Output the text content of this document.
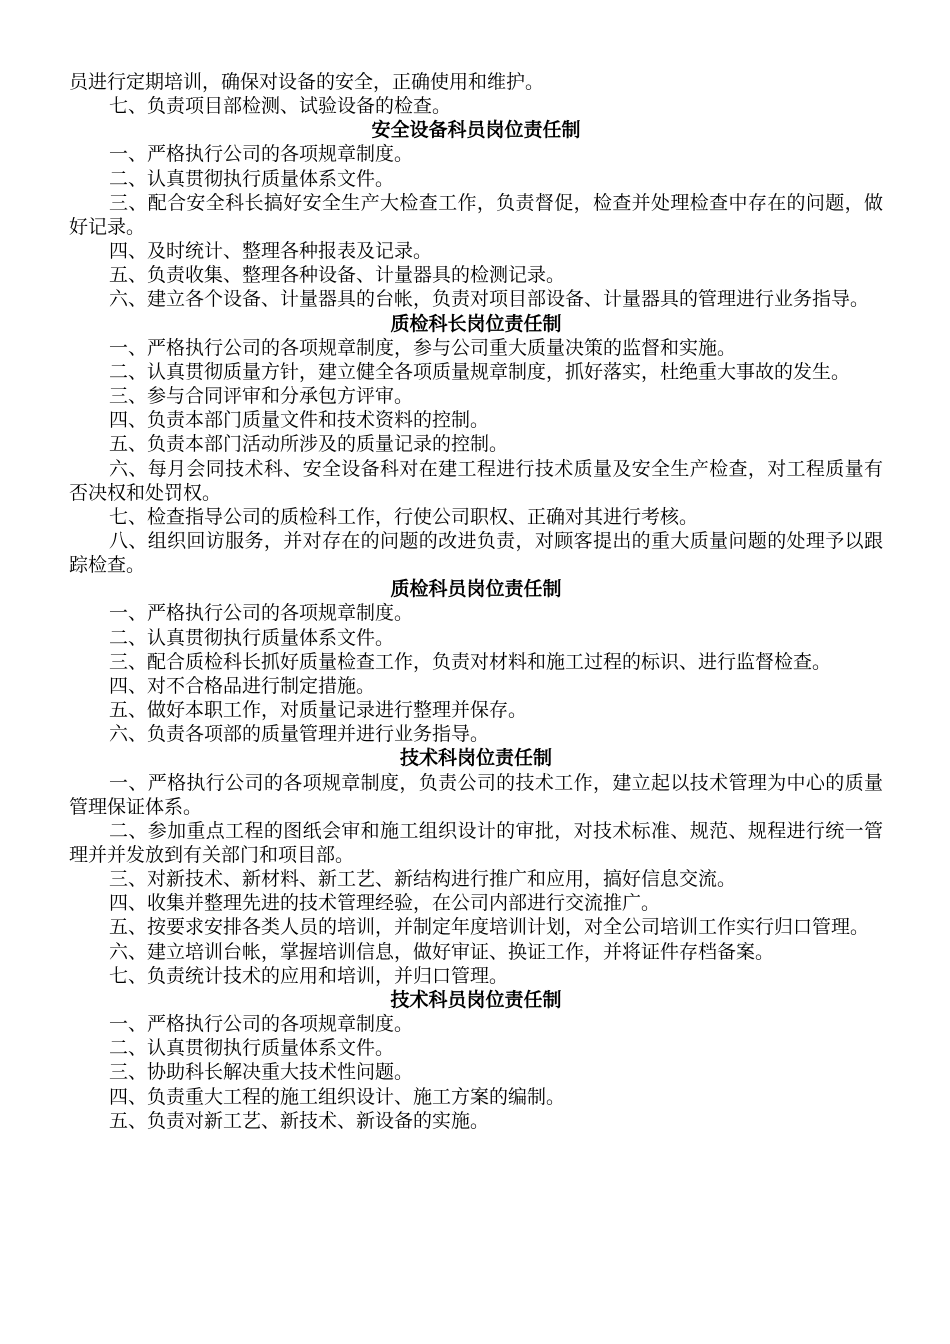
员进行定期培训，确保对设备的安全，正确使用和维护。

七、负责项目部检测、试验设备的检查。

安全设备科员岗位责任制

一、严格执行公司的各项规章制度。

二、认真贯彻执行质量体系文件。

三、配合安全科长搞好安全生产大检查工作，负责督促，检查并处理检查中存在的问题，做好记录。

四、及时统计、整理各种报表及记录。

五、负责收集、整理各种设备、计量器具的检测记录。

六、建立各个设备、计量器具的台帐，负责对项目部设备、计量器具的管理进行业务指导。

质检科长岗位责任制

一、严格执行公司的各项规章制度，参与公司重大质量决策的监督和实施。

二、认真贯彻质量方针，建立健全各项质量规章制度，抓好落实，杜绝重大事故的发生。

三、参与合同评审和分承包方评审。

四、负责本部门质量文件和技术资料的控制。

五、负责本部门活动所涉及的质量记录的控制。

六、每月会同技术科、安全设备科对在建工程进行技术质量及安全生产检查，对工程质量有否决权和处罚权。

七、检查指导公司的质检科工作，行使公司职权、正确对其进行考核。

八、组织回访服务，并对存在的问题的改进负责，对顾客提出的重大质量问题的处理予以跟踪检查。

质检科员岗位责任制

一、严格执行公司的各项规章制度。

二、认真贯彻执行质量体系文件。

三、配合质检科长抓好质量检查工作，负责对材料和施工过程的标识、进行监督检查。

四、对不合格品进行制定措施。

五、做好本职工作，对质量记录进行整理并保存。

六、负责各项部的质量管理并进行业务指导。

技术科岗位责任制

一、严格执行公司的各项规章制度，负责公司的技术工作，建立起以技术管理为中心的质量管理保证体系。

二、参加重点工程的图纸会审和施工组织设计的审批，对技术标准、规范、规程进行统一管理并并发放到有关部门和项目部。

三、对新技术、新材料、新工艺、新结构进行推广和应用，搞好信息交流。

四、收集并整理先进的技术管理经验，在公司内部进行交流推广。

五、按要求安排各类人员的培训，并制定年度培训计划，对全公司培训工作实行归口管理。

六、建立培训台帐，掌握培训信息，做好审证、换证工作，并将证件存档备案。

七、负责统计技术的应用和培训，并归口管理。

技术科员岗位责任制

一、严格执行公司的各项规章制度。

二、认真贯彻执行质量体系文件。

三、协助科长解决重大技术性问题。

四、负责重大工程的施工组织设计、施工方案的编制。

五、负责对新工艺、新技术、新设备的实施。
